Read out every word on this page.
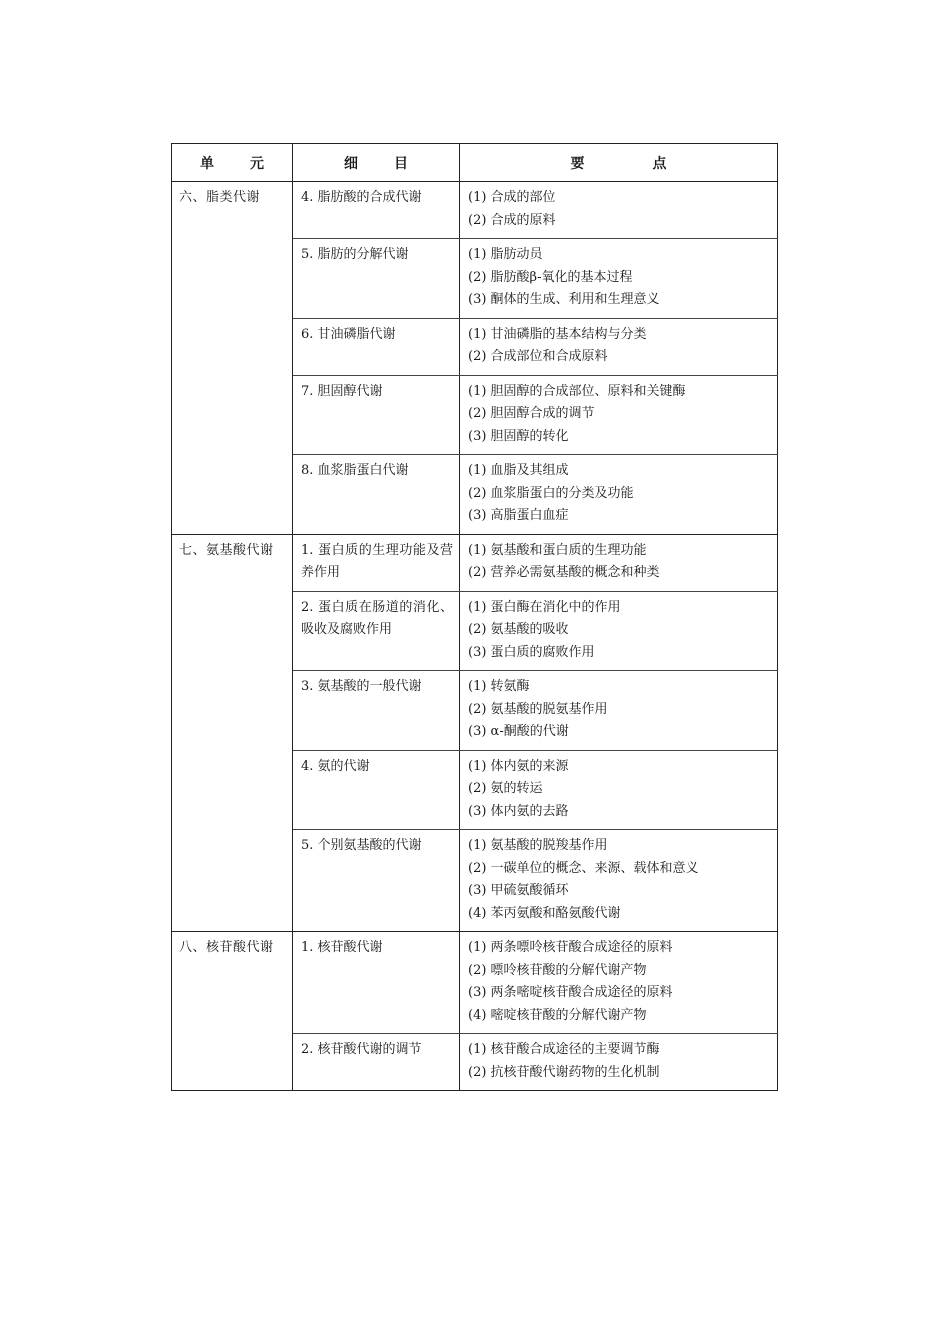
单 元	细 目	要 点
六、脂类代谢	4. 脂肪酸的合成代谢	(1) 合成的部位
(2) 合成的原料

	5. 脂肪的分解代谢	(1) 脂肪动员
(2) 脂肪酸β-氧化的基本过程
(3) 酮体的生成、利用和生理意义

	6. 甘油磷脂代谢	(1) 甘油磷脂的基本结构与分类
(2) 合成部位和合成原料

	7. 胆固醇代谢	(1) 胆固醇的合成部位、原料和关键酶
(2) 胆固醇合成的调节
(3) 胆固醇的转化

	8. 血浆脂蛋白代谢	(1) 血脂及其组成
(2) 血浆脂蛋白的分类及功能
(3) 高脂蛋白血症

七、氨基酸代谢	1. 蛋白质的生理功能及营养作用	(1) 氨基酸和蛋白质的生理功能
(2) 营养必需氨基酸的概念和种类

	2. 蛋白质在肠道的消化、吸收及腐败作用	(1) 蛋白酶在消化中的作用
(2) 氨基酸的吸收
(3) 蛋白质的腐败作用

	3. 氨基酸的一般代谢	(1) 转氨酶
(2) 氨基酸的脱氨基作用
(3) α-酮酸的代谢

	4. 氨的代谢	(1) 体内氨的来源
(2) 氨的转运
(3) 体内氨的去路

	5. 个别氨基酸的代谢	(1) 氨基酸的脱羧基作用
(2) 一碳单位的概念、来源、载体和意义
(3) 甲硫氨酸循环
(4) 苯丙氨酸和酪氨酸代谢

八、核苷酸代谢	1. 核苷酸代谢	(1) 两条嘌呤核苷酸合成途径的原料
(2) 嘌呤核苷酸的分解代谢产物
(3) 两条嘧啶核苷酸合成途径的原料
(4) 嘧啶核苷酸的分解代谢产物

	2. 核苷酸代谢的调节	(1) 核苷酸合成途径的主要调节酶
(2) 抗核苷酸代谢药物的生化机制
